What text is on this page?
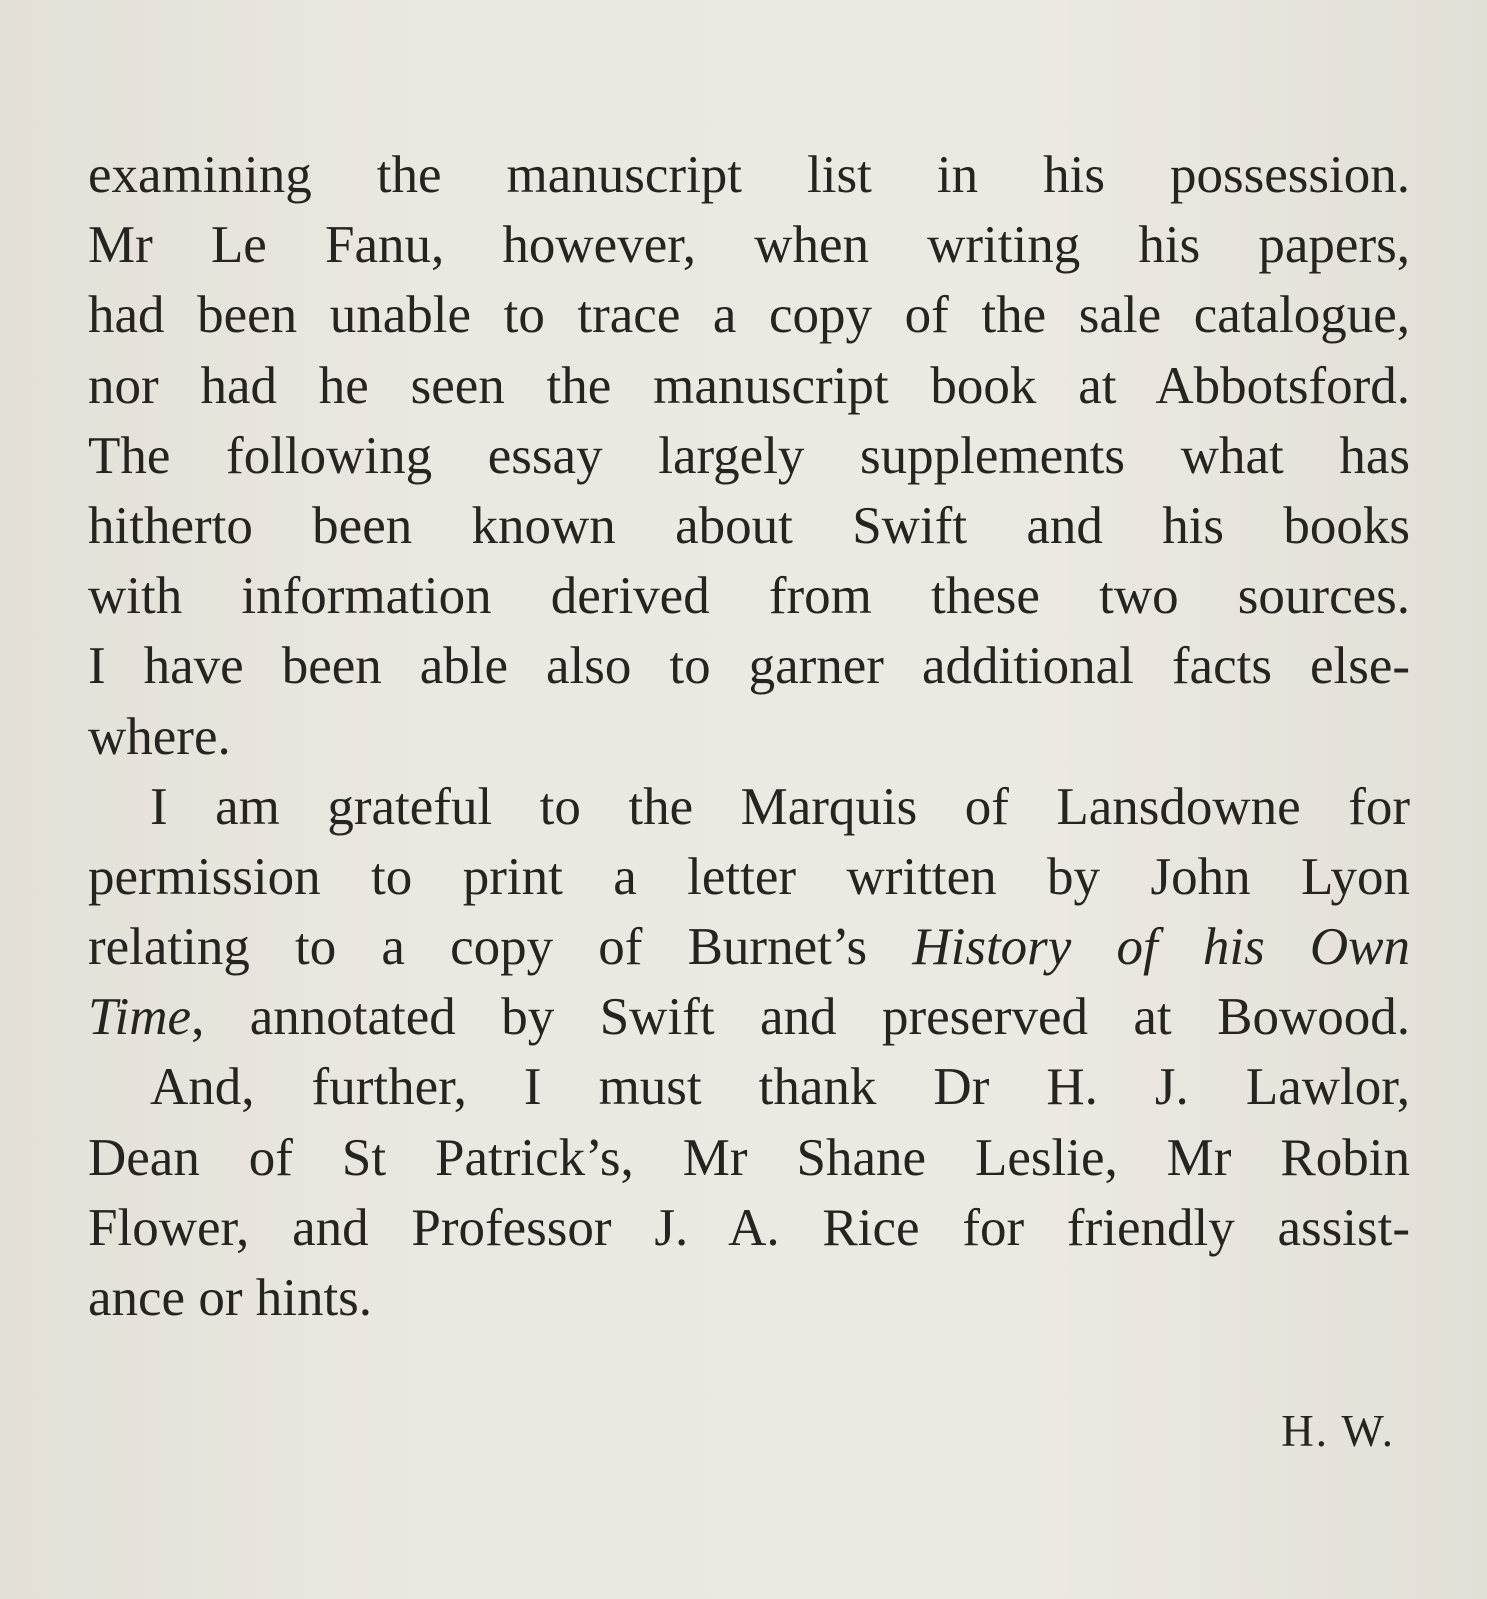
examining the manuscript list in his possession.
Mr Le Fanu, however, when writing his papers,
had been unable to trace a copy of the sale catalogue,
nor had he seen the manuscript book at Abbotsford.
The following essay largely supplements what has
hitherto been known about Swift and his books
with information derived from these two sources.
I have been able also to garner additional facts else-
where.
I am grateful to the Marquis of Lansdowne for
permission to print a letter written by John Lyon
relating to a copy of Burnet’s History of his Own
Time, annotated by Swift and preserved at Bowood.
And, further, I must thank Dr H. J. Lawlor,
Dean of St Patrick’s, Mr Shane Leslie, Mr Robin
Flower, and Professor J. A. Rice for friendly assist-
ance or hints.
H. W.
